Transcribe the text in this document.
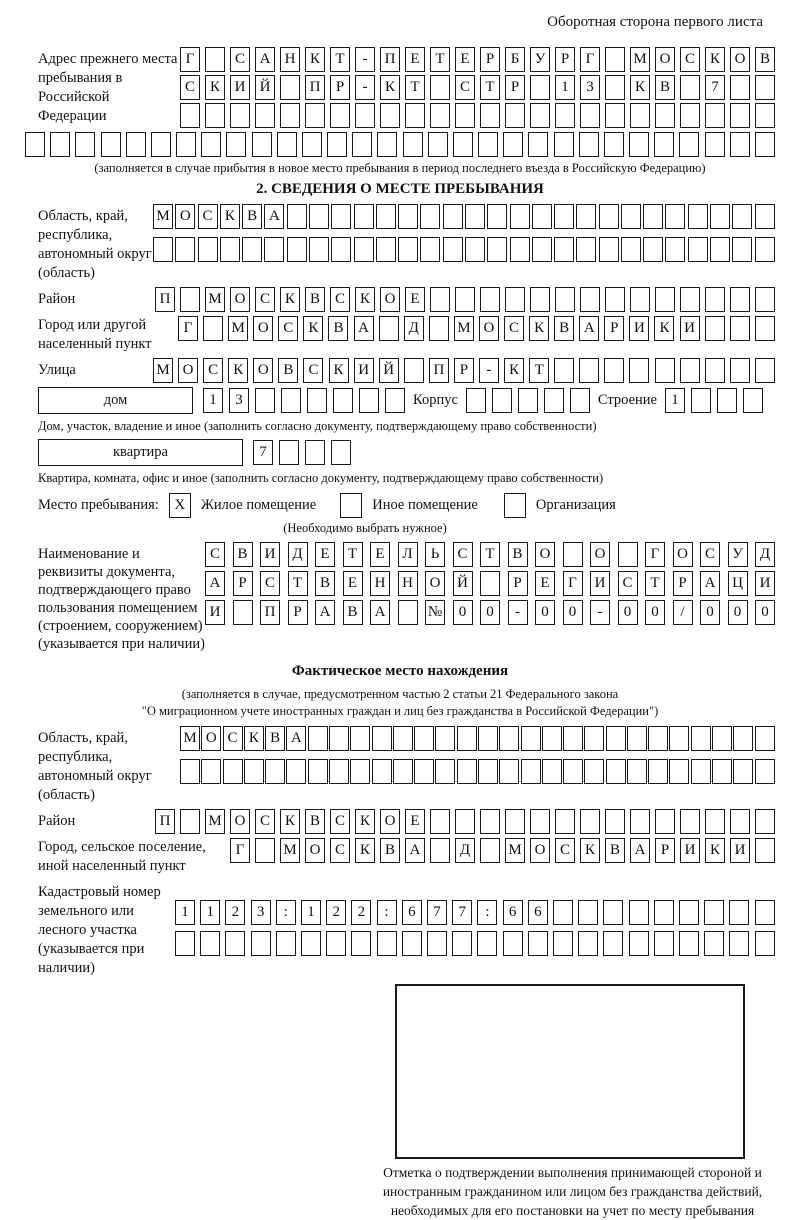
Оборотная сторона первого листа
Адрес прежнего места пребывания в Российской Федерации
Г	С А Н К	Т	-	П Е	Т	Е	Р	Б	У	Р	Г	М О С К О В
С К И Й	П	Р	-	К	Т	С	Т	Р	1	3	К В	7
(заполняется в случае прибытия в новое место пребывания в период последнего въезда в Российскую Федерацию)
2. СВЕДЕНИЯ О МЕСТЕ ПРЕБЫВАНИЯ
Область, край, республика, автономный округ (область)
М О С К В А
Район	П	М О С К В С К О Е
Город или другой населенный пункт
Г	М О С	К	В А	Д	М О С	К	В А	Р	И К И
Улица	М О С	К О В	С	К И Й	П	Р	-	К	Т
дом	1	3	Корпус	Строение 1
Дом, участок, владение и иное (заполнить согласно документу, подтверждающему право собственности)
квартира	7
Квартира, комната, офис и иное (заполнить согласно документу, подтверждающему право собственности)
Место пребывания:	X	Жилое помещение	Иное помещение	Организация
(Необходимо выбрать нужное)
Наименование и реквизиты документа, подтверждающего право пользования помещением (строением, сооружением) (указывается при наличии)
С	В	И	Д	Е	Т	Е	Л	Ь	С	Т	В	О	О	Г	О	С	У	Д
А	Р	С	Т	В	Е	Н	Н	О	Й	Р	Е	Г	И	С	Т	Р	А	Ц	И
И	П	Р	А	В	А	№	0	0	-	0	0	-	0	0	/	0	0	0
Фактическое место нахождения
(заполняется в случае, предусмотренном частью 2 статьи 21 Федерального закона
"О миграционном учете иностранных граждан и лиц без гражданства в Российской Федерации")
Область, край, республика, автономный округ (область)
М О С К В А
Район	П	М О С К В С К О Е
Город, сельское поселение, иной населенный пункт
Г	М О С К В А	Д	М О С К В А	Р	И К И
Кадастровый номер земельного или лесного участка (указывается при наличии)
1	1	2	3	:	1	2	2	:	6	7	7	:	6	6
Отметка о подтверждении выполнения принимающей стороной и иностранным гражданином или лицом без гражданства действий, необходимых для его постановки на учет по месту пребывания
